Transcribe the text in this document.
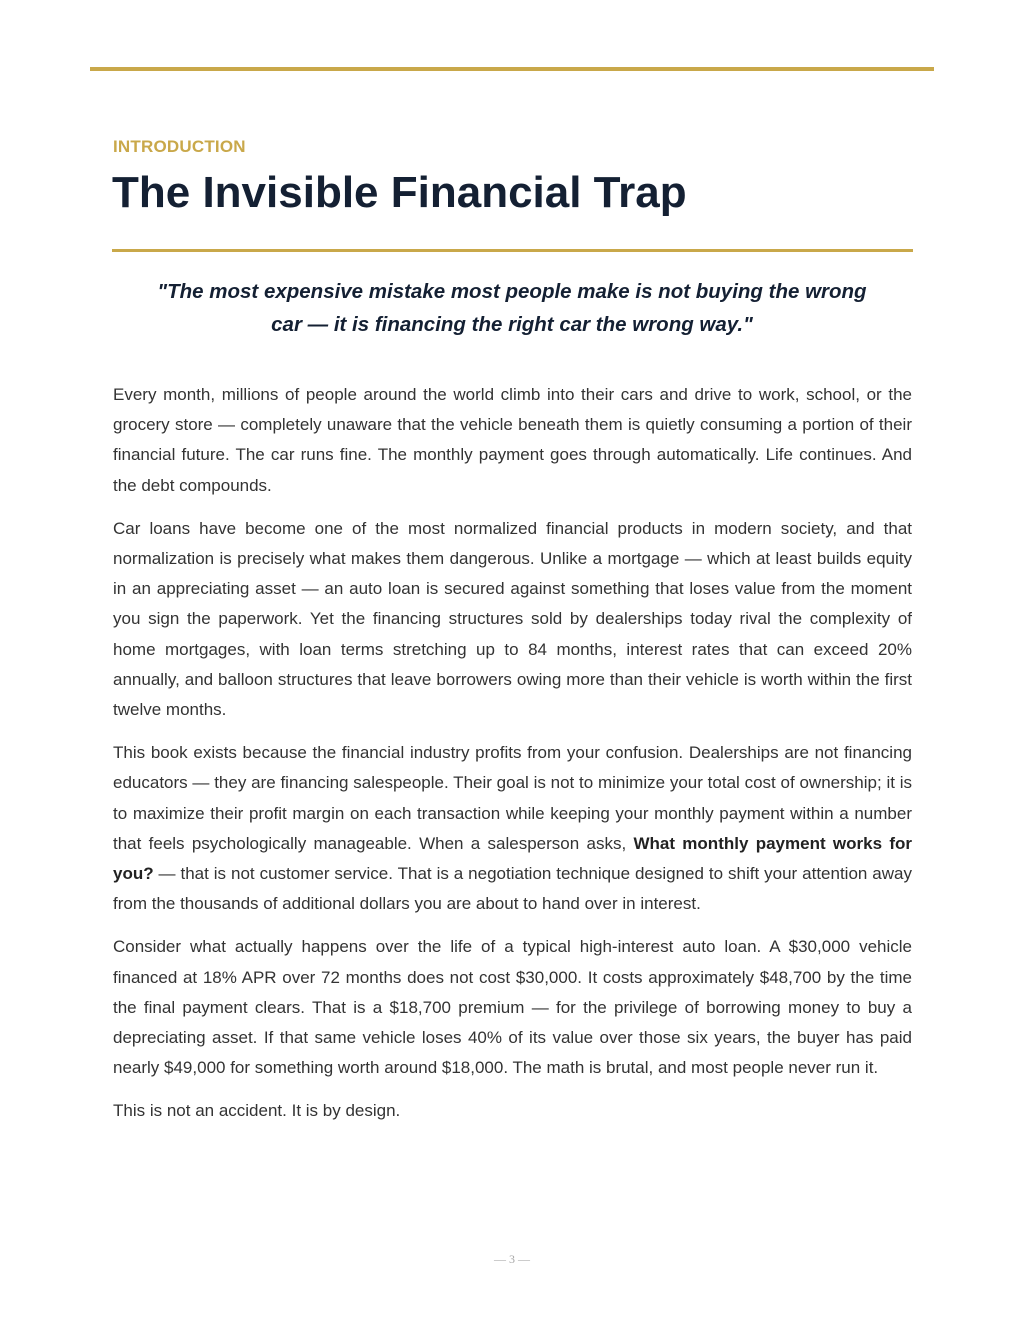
INTRODUCTION
The Invisible Financial Trap

"The most expensive mistake most people make is not buying the wrong car — it is financing the right car the wrong way."

Every month, millions of people around the world climb into their cars and drive to work, school, or the grocery store — completely unaware that the vehicle beneath them is quietly consuming a portion of their financial future. The car runs fine. The monthly payment goes through automatically. Life continues. And the debt compounds.

Car loans have become one of the most normalized financial products in modern society, and that normalization is precisely what makes them dangerous. Unlike a mortgage — which at least builds equity in an appreciating asset — an auto loan is secured against something that loses value from the moment you sign the paperwork. Yet the financing structures sold by dealerships today rival the complexity of home mortgages, with loan terms stretching up to 84 months, interest rates that can exceed 20% annually, and balloon structures that leave borrowers owing more than their vehicle is worth within the first twelve months.

This book exists because the financial industry profits from your confusion. Dealerships are not financing educators — they are financing salespeople. Their goal is not to minimize your total cost of ownership; it is to maximize their profit margin on each transaction while keeping your monthly payment within a number that feels psychologically manageable. When a salesperson asks, What monthly payment works for you? — that is not customer service. That is a negotiation technique designed to shift your attention away from the thousands of additional dollars you are about to hand over in interest.

Consider what actually happens over the life of a typical high-interest auto loan. A $30,000 vehicle financed at 18% APR over 72 months does not cost $30,000. It costs approximately $48,700 by the time the final payment clears. That is a $18,700 premium — for the privilege of borrowing money to buy a depreciating asset. If that same vehicle loses 40% of its value over those six years, the buyer has paid nearly $49,000 for something worth around $18,000. The math is brutal, and most people never run it.

This is not an accident. It is by design.

— 3 —
